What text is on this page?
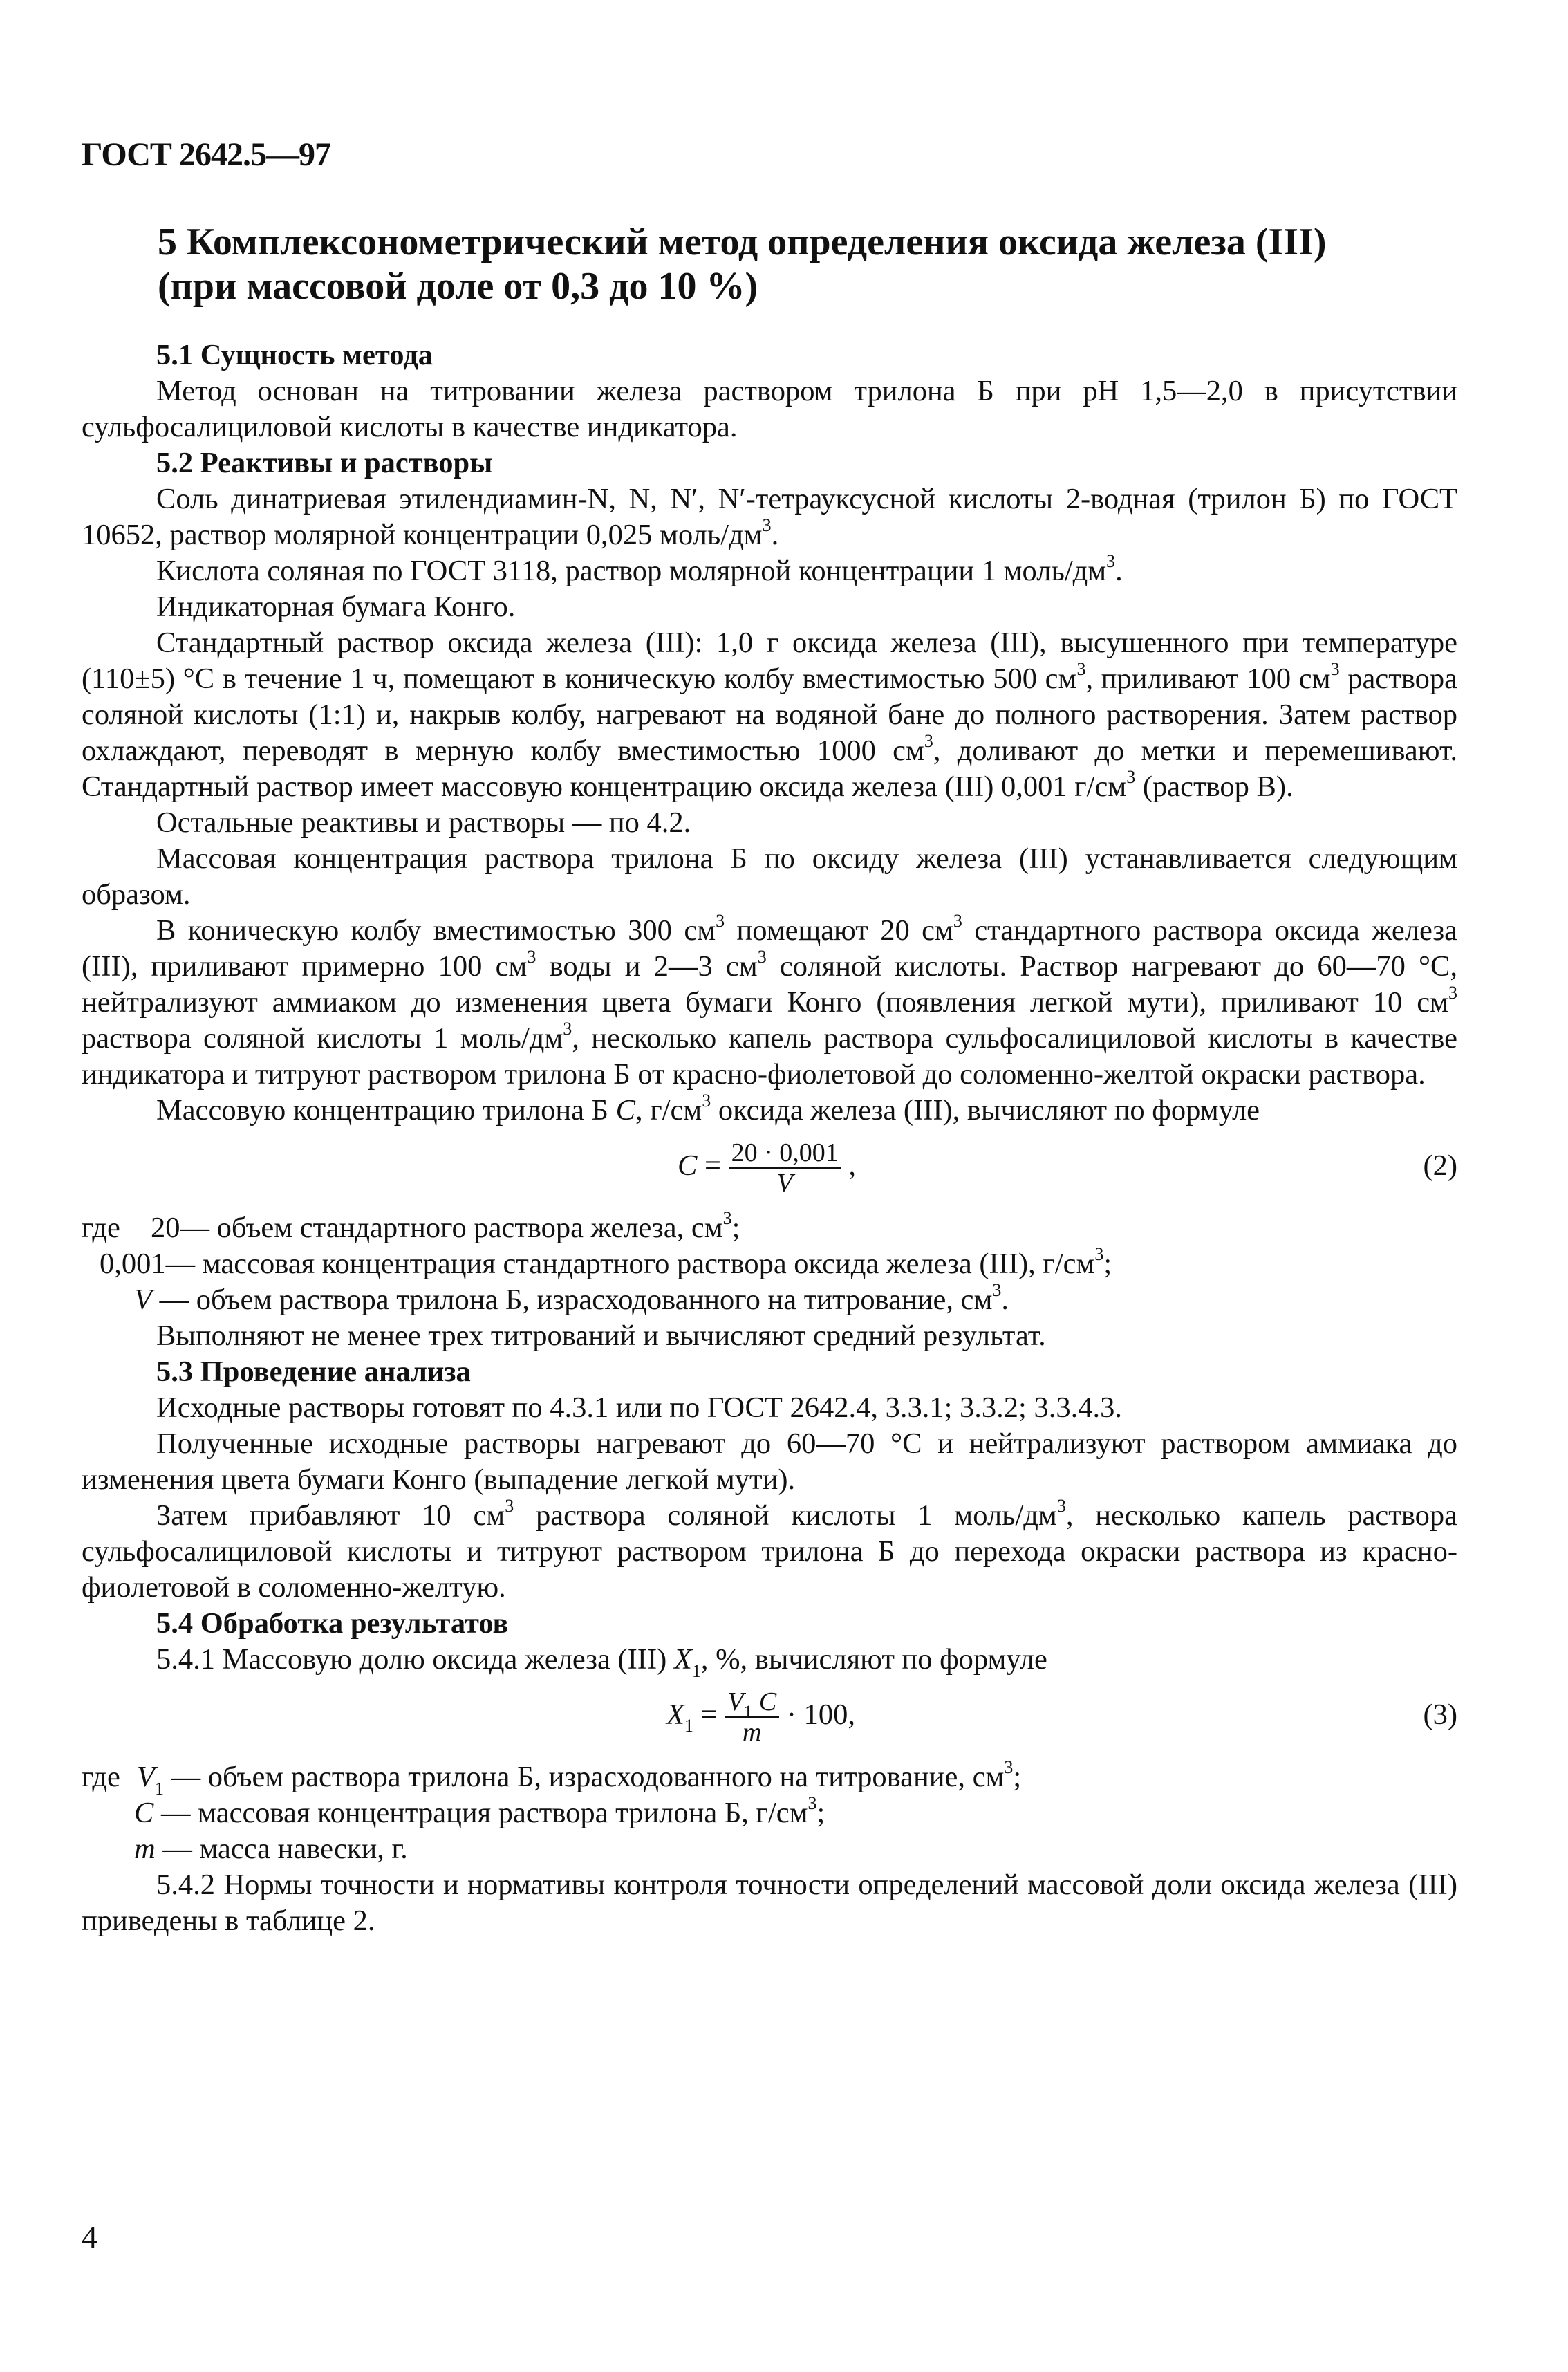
ГОСТ 2642.5—97
5 Комплексонометрический метод определения оксида железа (III)
(при массовой доле от 0,3 до 10 %)
5.1 Сущность метода

Метод основан на титровании железа раствором трилона Б при рН 1,5—2,0 в присутствии сульфосалициловой кислоты в качестве индикатора.

5.2 Реактивы и растворы

Соль динатриевая этилендиамин-N, N, N′, N′-тетрауксусной кислоты 2-водная (трилон Б) по ГОСТ 10652, раствор молярной концентрации 0,025 моль/$дм^3$.

Кислота соляная по ГОСТ 3118, раствор молярной концентрации 1 моль/$дм^3$.

Индикаторная бумага Конго.

Стандартный раствор оксида железа (III): 1,0 г оксида железа (III), высушенного при температуре (110±5) °С в течение 1 ч, помещают в коническую колбу вместимостью 500 $см^3$, приливают 100 $см^3$ раствора соляной кислоты (1:1) и, накрыв колбу, нагревают на водяной бане до полного растворения. Затем раствор охлаждают, переводят в мерную колбу вместимостью 1000 $см^3$, доливают до метки и перемешивают. Стандартный раствор имеет массовую концентрацию оксида железа (III) 0,001 $г/см^3$ (раствор В).

Остальные реактивы и растворы — по 4.2.

Массовая концентрация раствора трилона Б по оксиду железа (III) устанавливается следующим образом.

В коническую колбу вместимостью 300 $см^3$ помещают 20 $см^3$ стандартного раствора оксида железа (III), приливают примерно 100 $см^3$ воды и 2—3 $см^3$ соляной кислоты. Раствор нагревают до 60—70 °С, нейтрализуют аммиаком до изменения цвета бумаги Конго (появления легкой мути), приливают 10 $см^3$ раствора соляной кислоты 1 моль/$дм^3$, несколько капель раствора сульфосалициловой кислоты в качестве индикатора и титруют раствором трилона Б от красно-фиолетовой до соломенно-желтой окраски раствора.

Массовую концентрацию трилона Б C, $г/см^3$ оксида железа (III), вычисляют по формуле

$C = \frac{20 \cdot 0,001}{V}$ ,	(2)
где 20— объем стандартного раствора железа, $см^3$;
0,001— массовая концентрация стандартного раствора оксида железа (III), $г/см^3$;
V — объем раствора трилона Б, израсходованного на титрование, $см^3$.

Выполняют не менее трех титрований и вычисляют средний результат.

5.3 Проведение анализа

Исходные растворы готовят по 4.3.1 или по ГОСТ 2642.4, 3.3.1; 3.3.2; 3.3.4.3.

Полученные исходные растворы нагревают до 60—70 °С и нейтрализуют раствором аммиака до изменения цвета бумаги Конго (выпадение легкой мути).

Затем прибавляют 10 $см^3$ раствора соляной кислоты 1 моль/$дм^3$, несколько капель раствора сульфосалициловой кислоты и титруют раствором трилона Б до перехода окраски раствора из красно-фиолетовой в соломенно-желтую.

5.4 Обработка результатов

5.4.1 Массовую долю оксида железа (III) $X_1$, %, вычисляют по формуле

$X_1 = \frac{V_1 C}{m} \cdot 100$,	(3)
где $V_1$ — объем раствора трилона Б, израсходованного на титрование, $см^3$;
C — массовая концентрация раствора трилона Б, $г/см^3$;
m — масса навески, г.

5.4.2 Нормы точности и нормативы контроля точности определений массовой доли оксида железа (III) приведены в таблице 2.

4
